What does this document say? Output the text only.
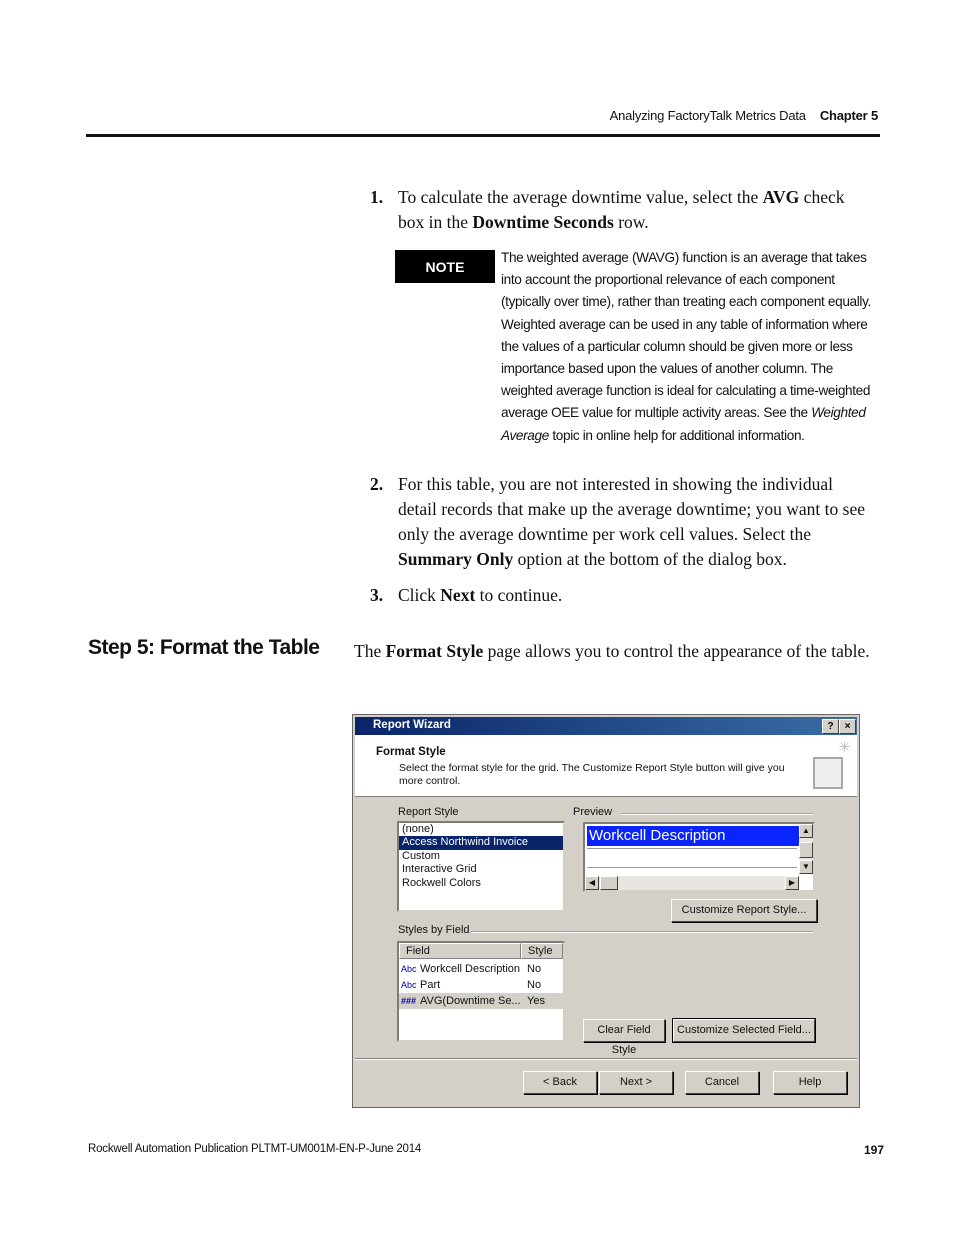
Analyzing FactoryTalk Metrics Data Chapter 5
1. To calculate the average downtime value, select the AVG check box in the Downtime Seconds row.
NOTE
The weighted average (WAVG) function is an average that takes into account the proportional relevance of each component (typically over time), rather than treating each component equally. Weighted average can be used in any table of information where the values of a particular column should be given more or less importance based upon the values of another column. The weighted average function is ideal for calculating a time-weighted average OEE value for multiple activity areas. See the Weighted Average topic in online help for additional information.
2. For this table, you are not interested in showing the individual detail records that make up the average downtime; you want to see only the average downtime per work cell values. Select the Summary Only option at the bottom of the dialog box.
3. Click Next to continue.
Step 5: Format the Table The Format Style page allows you to control the appearance of the table.
Report Wizard	?	×
Format Style
Select the format style for the grid. The Customize Report Style button will give you more control.
✳
Report Style
(none)
Access Northwind Invoice
Custom
Interactive Grid
Rockwell Colors
Preview
Workcell Description	▲
▼
◀	▶
Customize Report Style...
Styles by Field
Field	Style
Abc Workcell Description No
Abc Part	No
### AVG(Downtime Se... Yes
Clear Field Style
Customize Selected Field...
< Back	Next >	Cancel	Help
Rockwell Automation Publication PLTMT-UM001M-EN-P-June 2014	197
